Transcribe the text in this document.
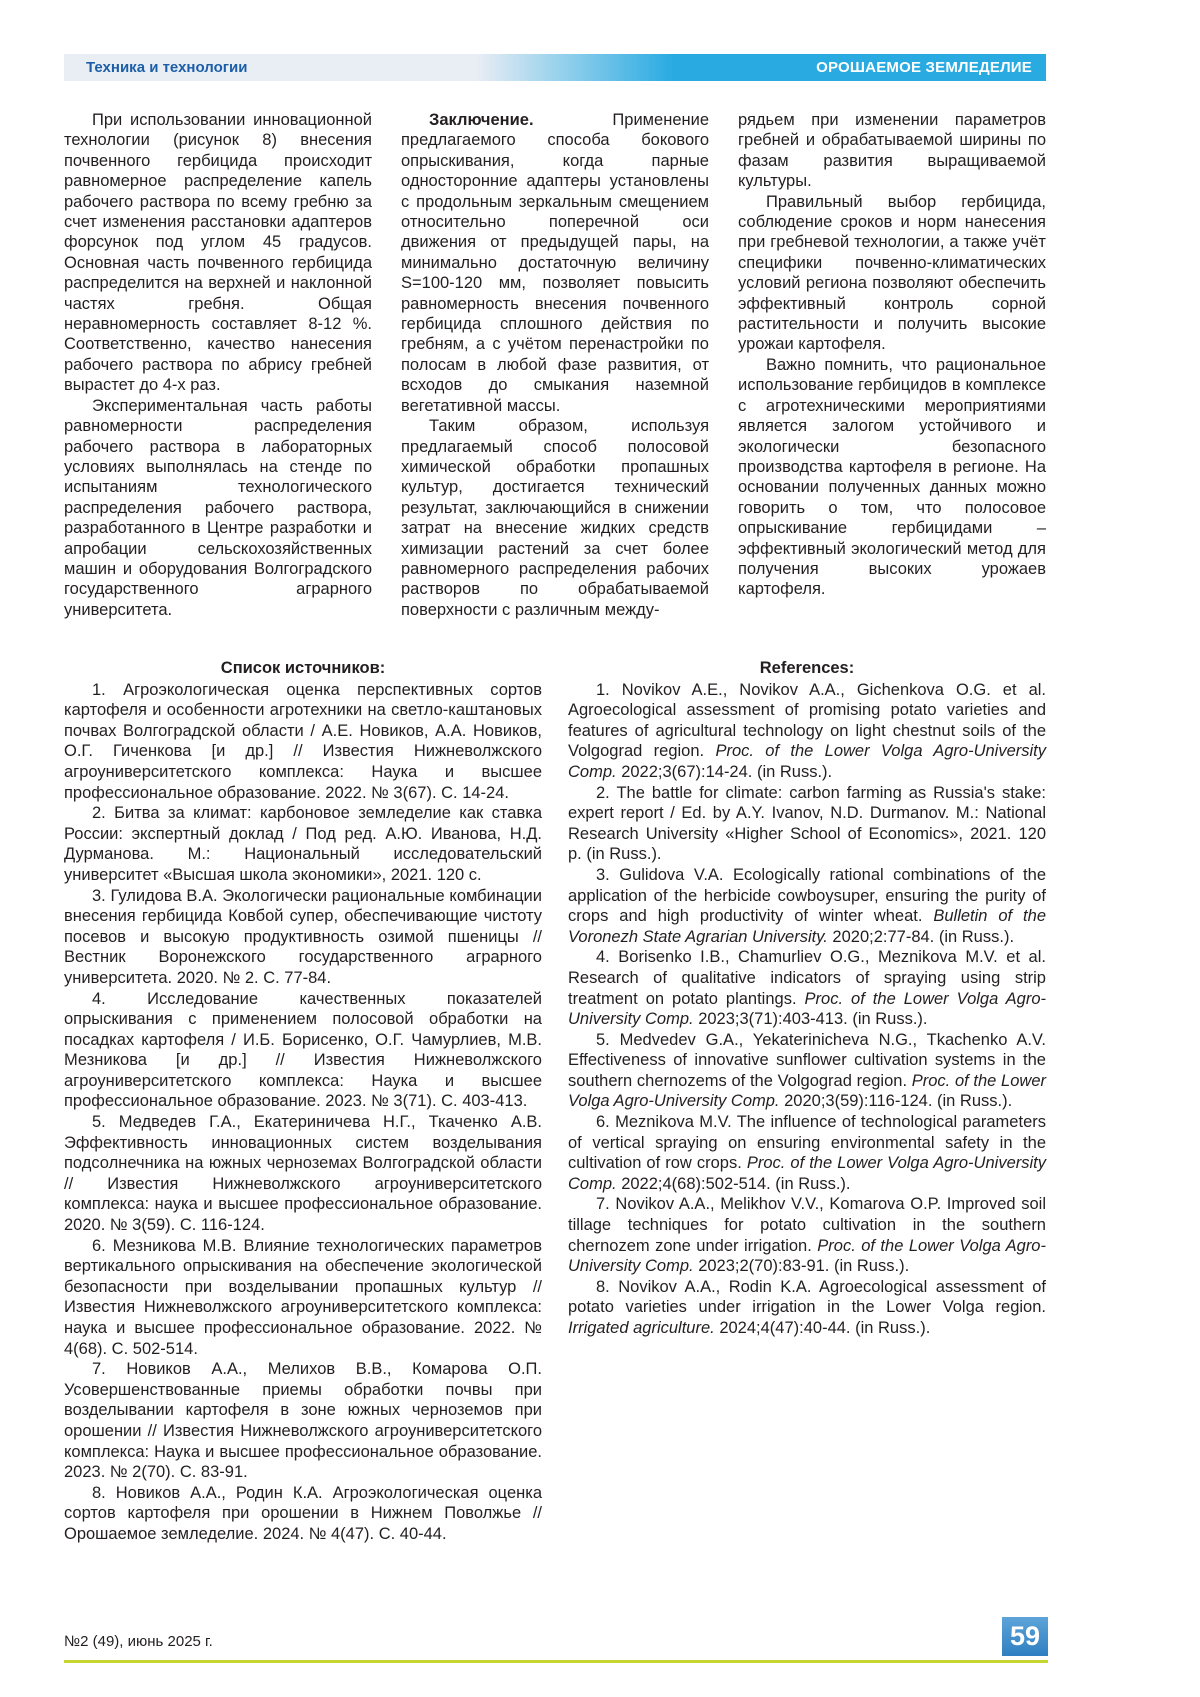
Техника и технологии	ОРОШАЕМОЕ ЗЕМЛЕДЕЛИЕ

При использовании инновационной технологии (рисунок 8) внесения почвенного гербицида происходит равномерное распределение капель рабочего раствора по всему гребню за счет изменения расстановки адаптеров форсунок под углом 45 градусов. Основная часть почвенного гербицида распределится на верхней и наклонной частях гребня. Общая неравномерность составляет 8-12 %. Соответственно, качество нанесения рабочего раствора по абрису гребней вырастет до 4-х раз.

Экспериментальная часть работы равномерности распределения рабочего раствора в лабораторных условиях выполнялась на стенде по испытаниям технологического распределения рабочего раствора, разработанного в Центре разработки и апробации сельскохозяйственных машин и оборудования Волгоградского государственного аграрного университета.

Заключение. Применение предлагаемого способа бокового опрыскивания, когда парные односторонние адаптеры установлены с продольным зеркальным смещением относительно поперечной оси движения от предыдущей пары, на минимально достаточную величину S=100-120 мм, позволяет повысить равномерность внесения почвенного гербицида сплошного действия по гребням, а с учётом перенастройки по полосам в любой фазе развития, от всходов до смыкания наземной вегетативной массы.

Таким образом, используя предлагаемый способ полосовой химической обработки пропашных культур, достигается технический результат, заключающийся в снижении затрат на внесение жидких средств химизации растений за счет более равномерного распределения рабочих растворов по обрабатываемой поверхности с различным между-

рядьем при изменении параметров гребней и обрабатываемой ширины по фазам развития выращиваемой культуры.

Правильный выбор гербицида, соблюдение сроков и норм нанесения при гребневой технологии, а также учёт специфики почвенно-климатических условий региона позволяют обеспечить эффективный контроль сорной растительности и получить высокие урожаи картофеля.

Важно помнить, что рациональное использование гербицидов в комплексе с агротехническими мероприятиями является залогом устойчивого и экологически безопасного производства картофеля в регионе. На основании полученных данных можно говорить о том, что полосовое опрыскивание гербицидами – эффективный экологический метод для получения высоких урожаев картофеля.

Список источников:

1. Агроэкологическая оценка перспективных сортов картофеля и особенности агротехники на светло-каштановых почвах Волгоградской области / А.Е. Новиков, А.А. Новиков, О.Г. Гиченкова [и др.] // Известия Нижневолжского агроуниверситетского комплекса: Наука и высшее профессиональное образование. 2022. № 3(67). С. 14-24.

2. Битва за климат: карбоновое земледелие как ставка России: экспертный доклад / Под ред. А.Ю. Иванова, Н.Д. Дурманова. М.: Национальный исследовательский университет «Высшая школа экономики», 2021. 120 с.

3. Гулидова В.А. Экологически рациональные комбинации внесения гербицида Ковбой супер, обеспечивающие чистоту посевов и высокую продуктивность озимой пшеницы // Вестник Воронежского государственного аграрного университета. 2020. № 2. С. 77-84.

4. Исследование качественных показателей опрыскивания с применением полосовой обработки на посадках картофеля / И.Б. Борисенко, О.Г. Чамурлиев, М.В. Мезникова [и др.] // Известия Нижневолжского агроуниверситетского комплекса: Наука и высшее профессиональное образование. 2023. № 3(71). С. 403-413.

5. Медведев Г.А., Екатериничева Н.Г., Ткаченко А.В. Эффективность инновационных систем возделывания подсолнечника на южных черноземах Волгоградской области // Известия Нижневолжского агроуниверситетского комплекса: наука и высшее профессиональное образование. 2020. № 3(59). С. 116-124.

6. Мезникова М.В. Влияние технологических параметров вертикального опрыскивания на обеспечение экологической безопасности при возделывании пропашных культур // Известия Нижневолжского агроуниверситетского комплекса: наука и высшее профессиональное образование. 2022. № 4(68). С. 502-514.

7. Новиков А.А., Мелихов В.В., Комарова О.П. Усовершенствованные приемы обработки почвы при возделывании картофеля в зоне южных черноземов при орошении // Известия Нижневолжского агроуниверситетского комплекса: Наука и высшее профессиональное образование. 2023. № 2(70). С. 83-91.

8. Новиков А.А., Родин К.А. Агроэкологическая оценка сортов картофеля при орошении в Нижнем Поволжье // Орошаемое земледелие. 2024. № 4(47). С. 40-44.

References:

1. Novikov A.E., Novikov A.A., Gichenkova O.G. et al. Agroecological assessment of promising potato varieties and features of agricultural technology on light chestnut soils of the Volgograd region. Proc. of the Lower Volga Agro-University Comp. 2022;3(67):14-24. (in Russ.).

2. The battle for climate: carbon farming as Russia's stake: expert report / Ed. by A.Y. Ivanov, N.D. Durmanov. M.: National Research University «Higher School of Economics», 2021. 120 p. (in Russ.).

3. Gulidova V.A. Ecologically rational combinations of the application of the herbicide cowboysuper, ensuring the purity of crops and high productivity of winter wheat. Bulletin of the Voronezh State Agrarian University. 2020;2:77-84. (in Russ.).

4. Borisenko I.B., Chamurliev O.G., Meznikova M.V. et al. Research of qualitative indicators of spraying using strip treatment on potato plantings. Proc. of the Lower Volga Agro-University Comp. 2023;3(71):403-413. (in Russ.).

5. Medvedev G.A., Yekaterinicheva N.G., Tkachenko A.V. Effectiveness of innovative sunflower cultivation systems in the southern chernozems of the Volgograd region. Proc. of the Lower Volga Agro-University Comp. 2020;3(59):116-124. (in Russ.).

6. Meznikova M.V. The influence of technological parameters of vertical spraying on ensuring environmental safety in the cultivation of row crops. Proc. of the Lower Volga Agro-University Comp. 2022;4(68):502-514. (in Russ.).

7. Novikov A.A., Melikhov V.V., Komarova O.P. Improved soil tillage techniques for potato cultivation in the southern chernozem zone under irrigation. Proc. of the Lower Volga Agro-University Comp. 2023;2(70):83-91. (in Russ.).

8. Novikov A.A., Rodin K.A. Agroecological assessment of potato varieties under irrigation in the Lower Volga region. Irrigated agriculture. 2024;4(47):40-44. (in Russ.).

№2 (49), июнь 2025 г.	59
